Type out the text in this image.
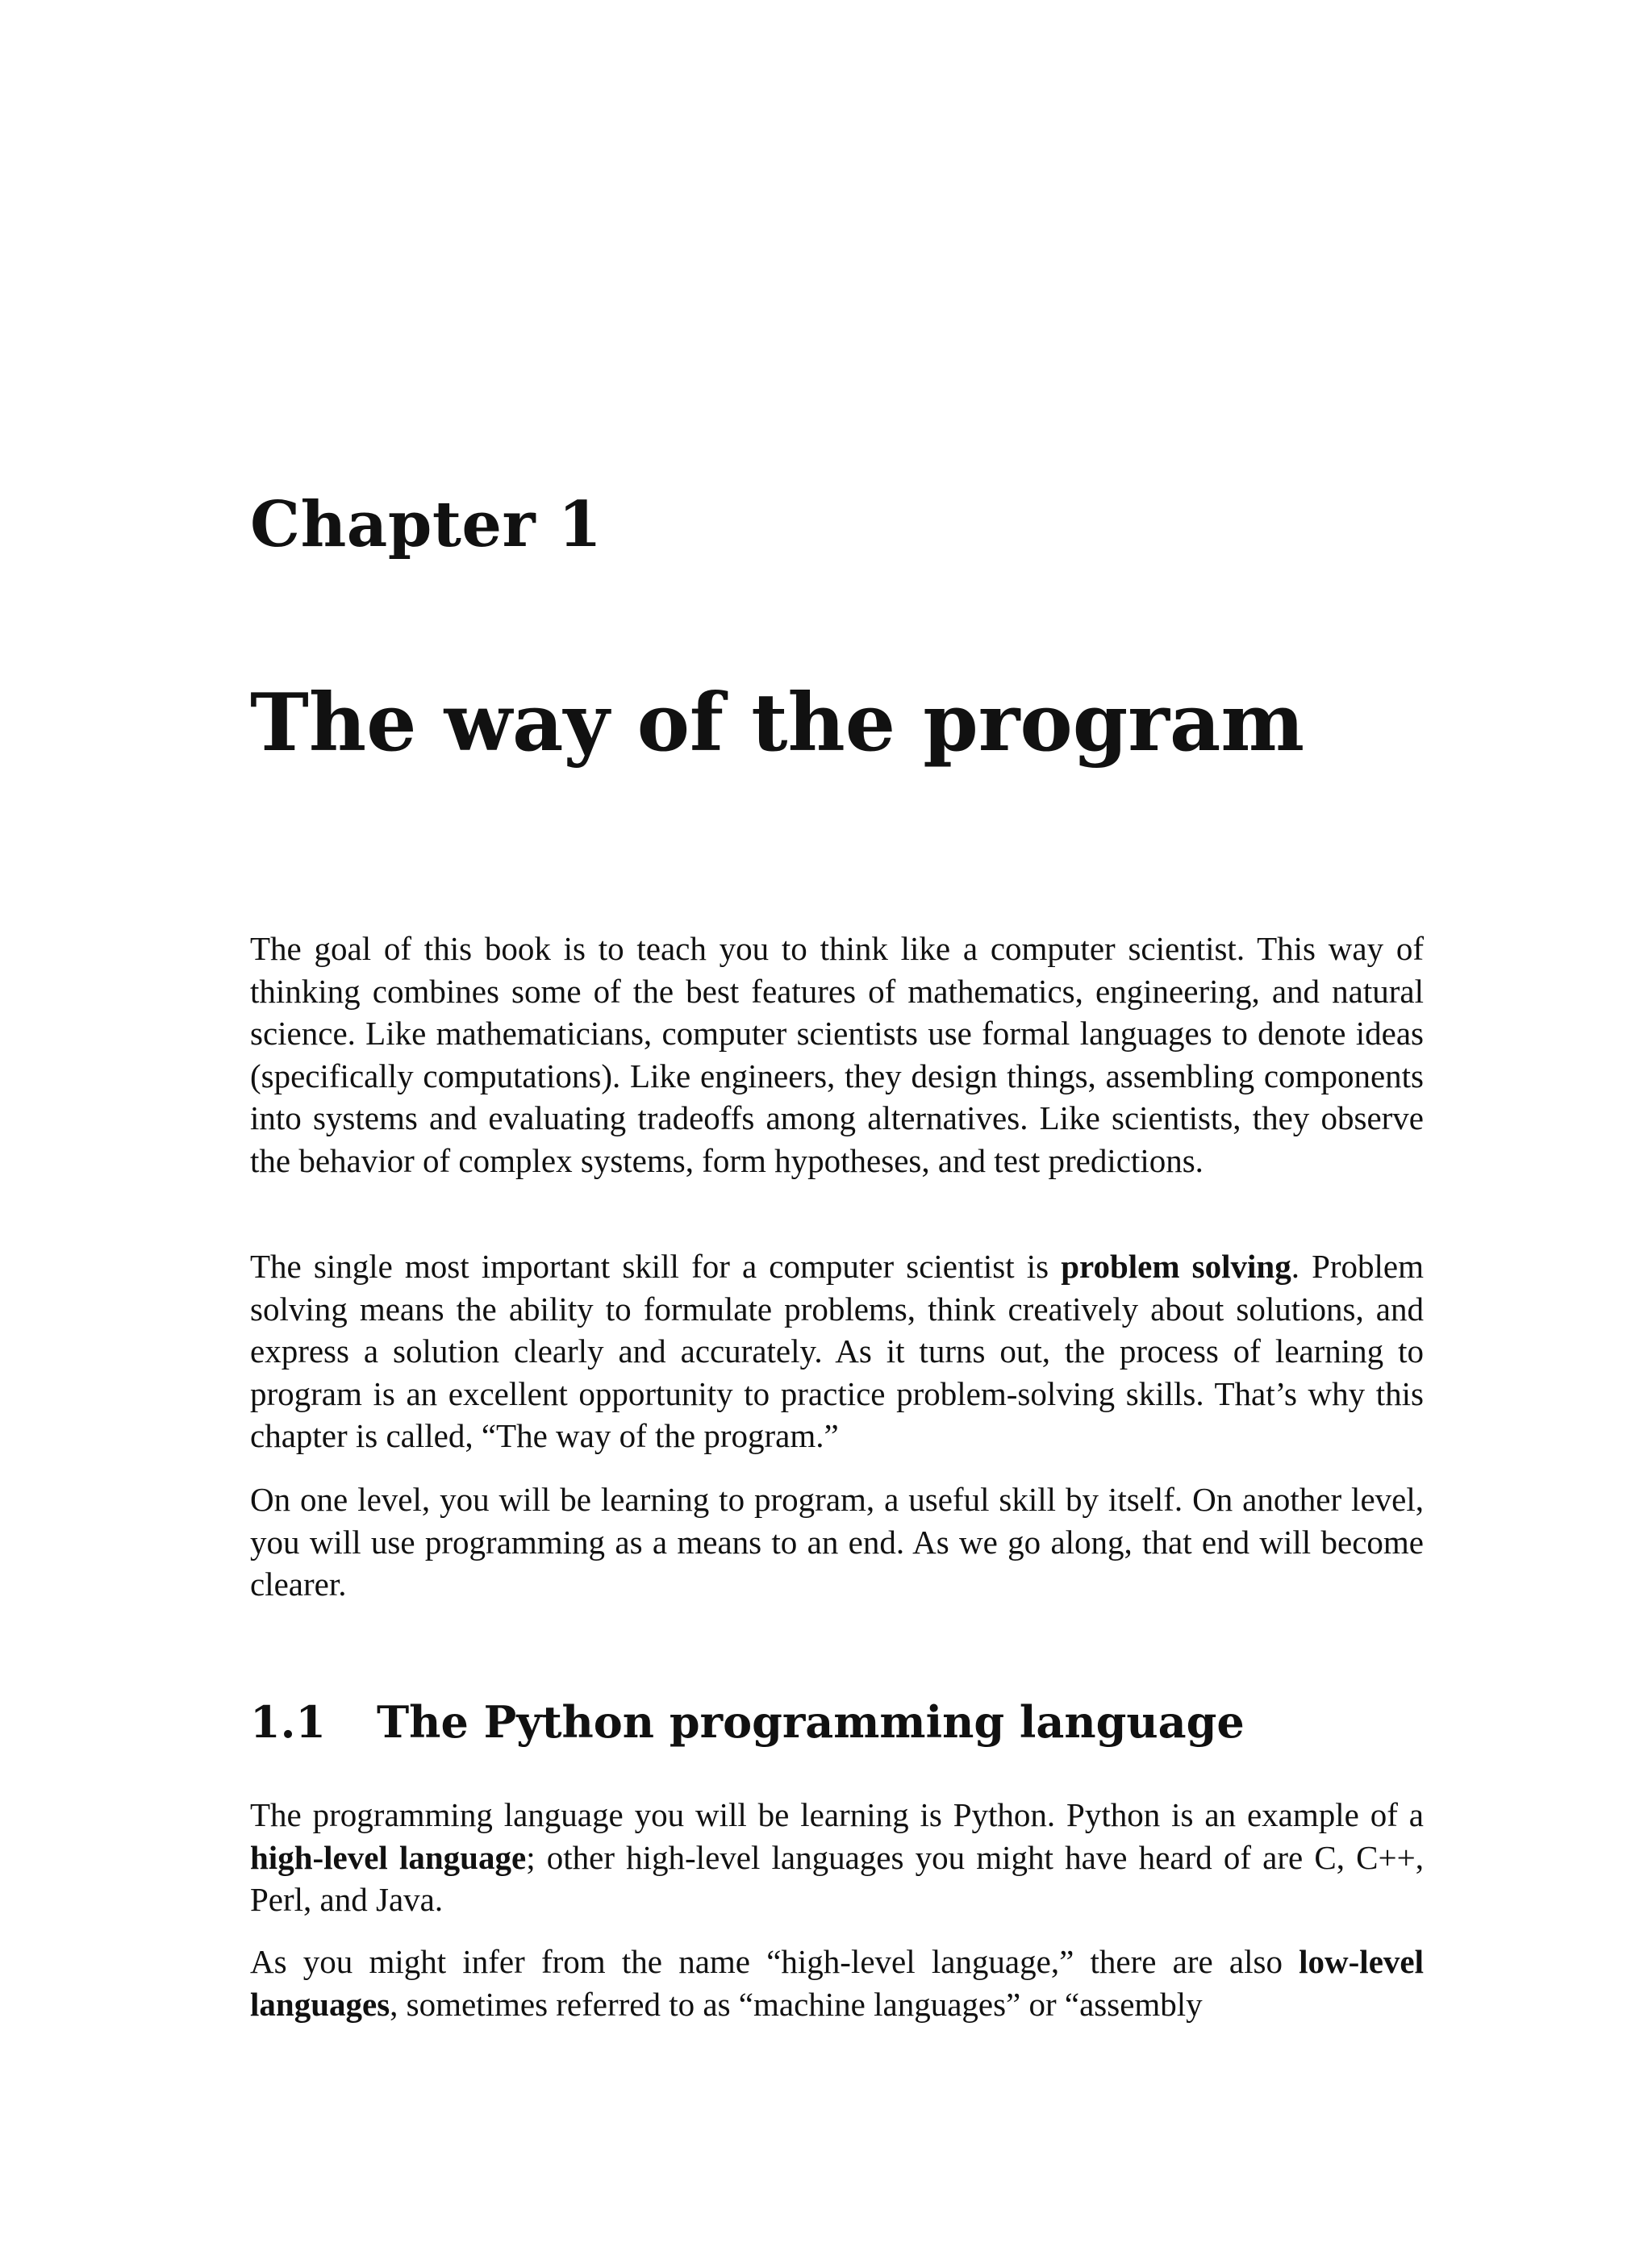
Chapter 1
The way of the program

The goal of this book is to teach you to think like a computer scientist. This way of thinking combines some of the best features of mathematics, engineering, and natural science. Like mathematicians, computer scientists use formal languages to denote ideas (specifically computations). Like engineers, they design things, assembling components into systems and evaluating tradeoffs among alternatives. Like scientists, they observe the behavior of complex systems, form hypotheses, and test predictions.

The single most important skill for a computer scientist is problem solving. Problem solving means the ability to formulate problems, think creatively about solutions, and express a solution clearly and accurately. As it turns out, the process of learning to program is an excellent opportunity to practice problem-solving skills. That’s why this chapter is called, “The way of the program.”

On one level, you will be learning to program, a useful skill by itself. On another level, you will use programming as a means to an end. As we go along, that end will become clearer.

1.1 The Python programming language

The programming language you will be learning is Python. Python is an example of a high-level language; other high-level languages you might have heard of are C, C++, Perl, and Java.

As you might infer from the name “high-level language,” there are also low-level languages, sometimes referred to as “machine languages” or “assembly
